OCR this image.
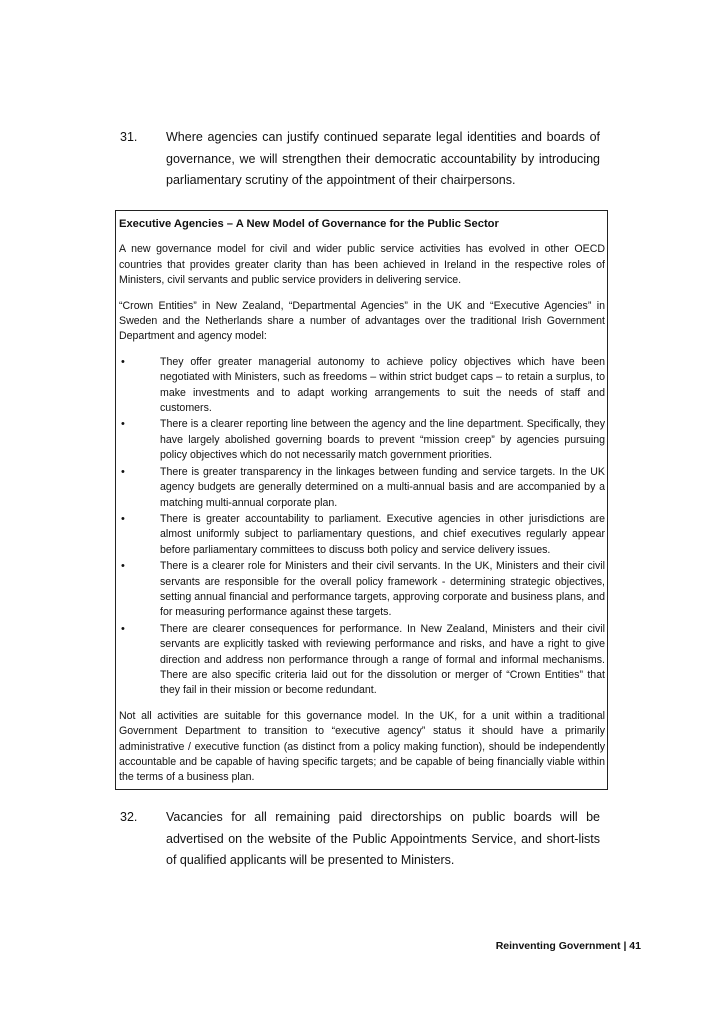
31.	Where agencies can justify continued separate legal identities and boards of governance, we will strengthen their democratic accountability by introducing parliamentary scrutiny of the appointment of their chairpersons.
Executive Agencies – A New Model of Governance for the Public Sector

A new governance model for civil and wider public service activities has evolved in other OECD countries that provides greater clarity than has been achieved in Ireland in the respective roles of Ministers, civil servants and public service providers in delivering service.

“Crown Entities” in New Zealand, “Departmental Agencies” in the UK and “Executive Agencies” in Sweden and the Netherlands share a number of advantages over the traditional Irish Government Department and agency model:

•	They offer greater managerial autonomy to achieve policy objectives which have been negotiated with Ministers, such as freedoms – within strict budget caps – to retain a surplus, to make investments and to adapt working arrangements to suit the needs of staff and customers.
•	There is a clearer reporting line between the agency and the line department. Specifically, they have largely abolished governing boards to prevent “mission creep” by agencies pursuing policy objectives which do not necessarily match government priorities.
•	There is greater transparency in the linkages between funding and service targets. In the UK agency budgets are generally determined on a multi-annual basis and are accompanied by a matching multi-annual corporate plan.
•	There is greater accountability to parliament. Executive agencies in other jurisdictions are almost uniformly subject to parliamentary questions, and chief executives regularly appear before parliamentary committees to discuss both policy and service delivery issues.
•	There is a clearer role for Ministers and their civil servants. In the UK, Ministers and their civil servants are responsible for the overall policy framework - determining strategic objectives, setting annual financial and performance targets, approving corporate and business plans, and for measuring performance against these targets.
•	There are clearer consequences for performance. In New Zealand, Ministers and their civil servants are explicitly tasked with reviewing performance and risks, and have a right to give direction and address non performance through a range of formal and informal mechanisms. There are also specific criteria laid out for the dissolution or merger of “Crown Entities” that they fail in their mission or become redundant.

Not all activities are suitable for this governance model. In the UK, for a unit within a traditional Government Department to transition to “executive agency” status it should have a primarily administrative / executive function (as distinct from a policy making function), should be independently accountable and be capable of having specific targets; and be capable of being financially viable within the terms of a business plan.

32.	Vacancies for all remaining paid directorships on public boards will be advertised on the website of the Public Appointments Service, and short-lists of qualified applicants will be presented to Ministers.
Reinventing Government | 41
